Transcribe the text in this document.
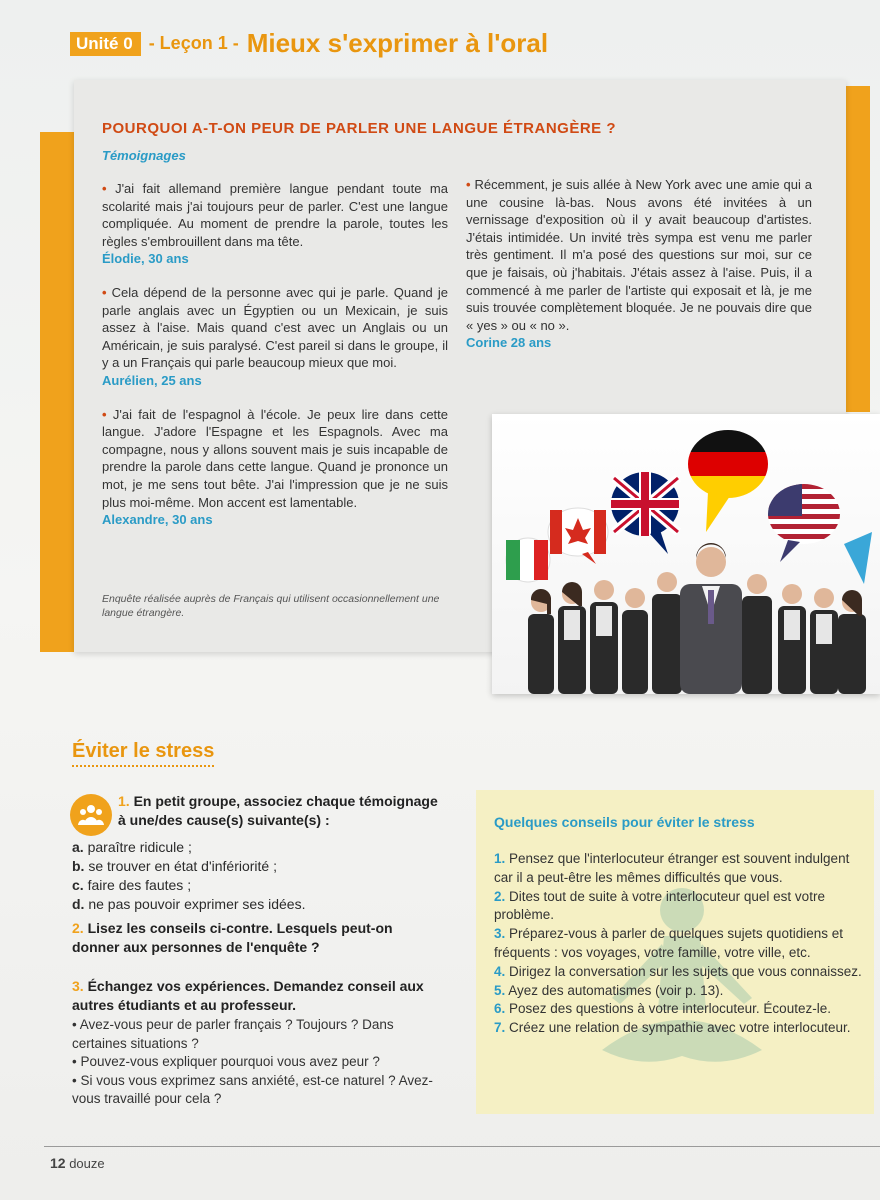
Unité 0 - Leçon 1 - Mieux s'exprimer à l'oral
POURQUOI A-T-ON PEUR DE PARLER UNE LANGUE ÉTRANGÈRE ?
Témoignages
• J'ai fait allemand première langue pendant toute ma scolarité mais j'ai toujours peur de parler. C'est une langue compliquée. Au moment de prendre la parole, toutes les règles s'embrouillent dans ma tête.
Élodie, 30 ans
• Cela dépend de la personne avec qui je parle. Quand je parle anglais avec un Égyptien ou un Mexicain, je suis assez à l'aise. Mais quand c'est avec un Anglais ou un Américain, je suis paralysé. C'est pareil si dans le groupe, il y a un Français qui parle beaucoup mieux que moi.
Aurélien, 25 ans
• J'ai fait de l'espagnol à l'école. Je peux lire dans cette langue. J'adore l'Espagne et les Espagnols. Avec ma compagne, nous y allons souvent mais je suis incapable de prendre la parole dans cette langue. Quand je prononce un mot, je me sens tout bête. J'ai l'impression que je ne suis plus moi-même. Mon accent est lamentable.
Alexandre, 30 ans
• Récemment, je suis allée à New York avec une amie qui a une cousine là-bas. Nous avons été invitées à un vernissage d'exposition où il y avait beaucoup d'artistes. J'étais intimidée. Un invité très sympa est venu me parler très gentiment. Il m'a posé des questions sur moi, sur ce que je faisais, où j'habitais. J'étais assez à l'aise. Puis, il a commencé à me parler de l'artiste qui exposait et là, je me suis trouvée complètement bloquée. Je ne pouvais dire que « yes » ou « no ».
Corine 28 ans
Enquête réalisée auprès de Français qui utilisent occasionnellement une langue étrangère.
Éviter le stress
1. En petit groupe, associez chaque témoignage à une/des cause(s) suivante(s) :
a. paraître ridicule ;
b. se trouver en état d'infériorité ;
c. faire des fautes ;
d. ne pas pouvoir exprimer ses idées.
2. Lisez les conseils ci-contre. Lesquels peut-on donner aux personnes de l'enquête ?
3. Échangez vos expériences. Demandez conseil aux autres étudiants et au professeur.
• Avez-vous peur de parler français ? Toujours ? Dans certaines situations ?
• Pouvez-vous expliquer pourquoi vous avez peur ?
• Si vous vous exprimez sans anxiété, est-ce naturel ? Avez-vous travaillé pour cela ?
Quelques conseils pour éviter le stress
1. Pensez que l'interlocuteur étranger est souvent indulgent car il a peut-être les mêmes difficultés que vous.
2. Dites tout de suite à votre interlocuteur quel est votre problème.
3. Préparez-vous à parler de quelques sujets quotidiens et fréquents : vos voyages, votre famille, votre ville, etc.
4. Dirigez la conversation sur les sujets que vous connaissez.
5. Ayez des automatismes (voir p. 13).
6. Posez des questions à votre interlocuteur. Écoutez-le.
7. Créez une relation de sympathie avec votre interlocuteur.
12 douze
